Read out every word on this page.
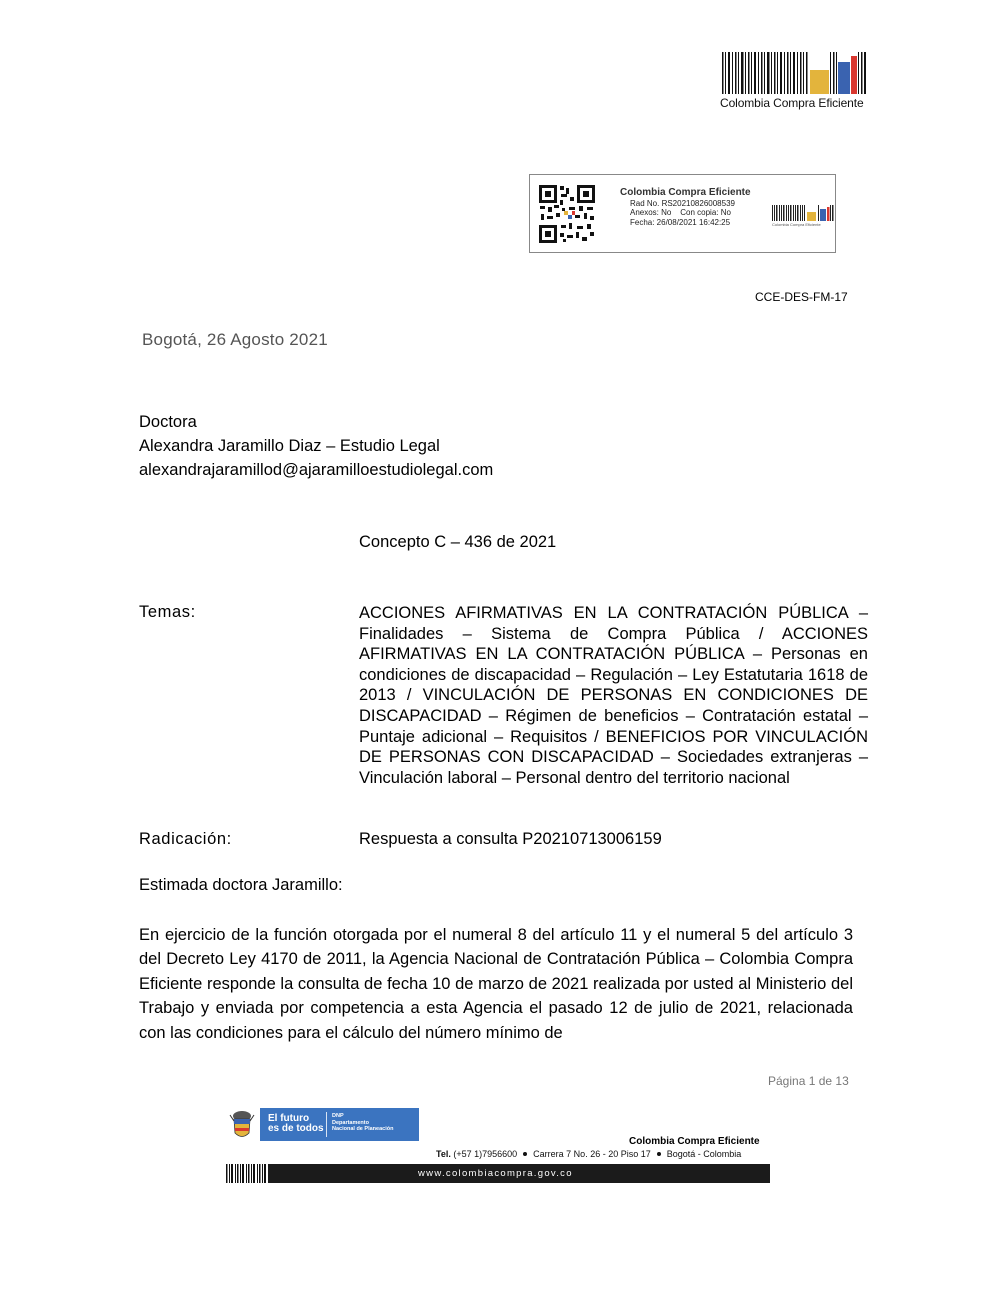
Colombia Compra Eficiente
Colombia Compra Eficiente
Rad No. RS20210826008539
Anexos: No    Con copia: No
Fecha: 26/08/2021 16:42:25	Colombia Compra Eficiente
CCE-DES-FM-17
Bogotá, 26 Agosto 2021
Doctora
Alexandra Jaramillo Diaz – Estudio Legal
alexandrajaramillod@ajaramilloestudiolegal.com
Concepto C – 436 de 2021
Temas:	ACCIONES AFIRMATIVAS EN LA CONTRATACIÓN PÚBLICA – Finalidades – Sistema de Compra Pública / ACCIONES AFIRMATIVAS EN LA CONTRATACIÓN PÚBLICA – Personas en condiciones de discapacidad – Regulación – Ley Estatutaria 1618 de 2013 / VINCULACIÓN DE PERSONAS EN CONDICIONES DE DISCAPACIDAD – Régimen de beneficios – Contratación estatal – Puntaje adicional – Requisitos / BENEFICIOS POR VINCULACIÓN DE PERSONAS CON DISCAPACIDAD – Sociedades extranjeras – Vinculación laboral – Personal dentro del territorio nacional
Radicación:	Respuesta a consulta P20210713006159
Estimada doctora Jaramillo:
En ejercicio de la función otorgada por el numeral 8 del artículo 11 y el numeral 5 del artículo 3 del Decreto Ley 4170 de 2011, la Agencia Nacional de Contratación Pública – Colombia Compra Eficiente responde la consulta de fecha 10 de marzo de 2021 realizada por usted al Ministerio del Trabajo y enviada por competencia a esta Agencia el pasado 12 de julio de 2021, relacionada con las condiciones para el cálculo del número mínimo de
Página 1 de 13
El futuro
es de todos
DNP
Departamento
Nacional de Planeación
Colombia Compra Eficiente
Tel. (+57 1)7956600 Carrera 7 No. 26 - 20 Piso 17 Bogotá - Colombia
www.colombiacompra.gov.co
